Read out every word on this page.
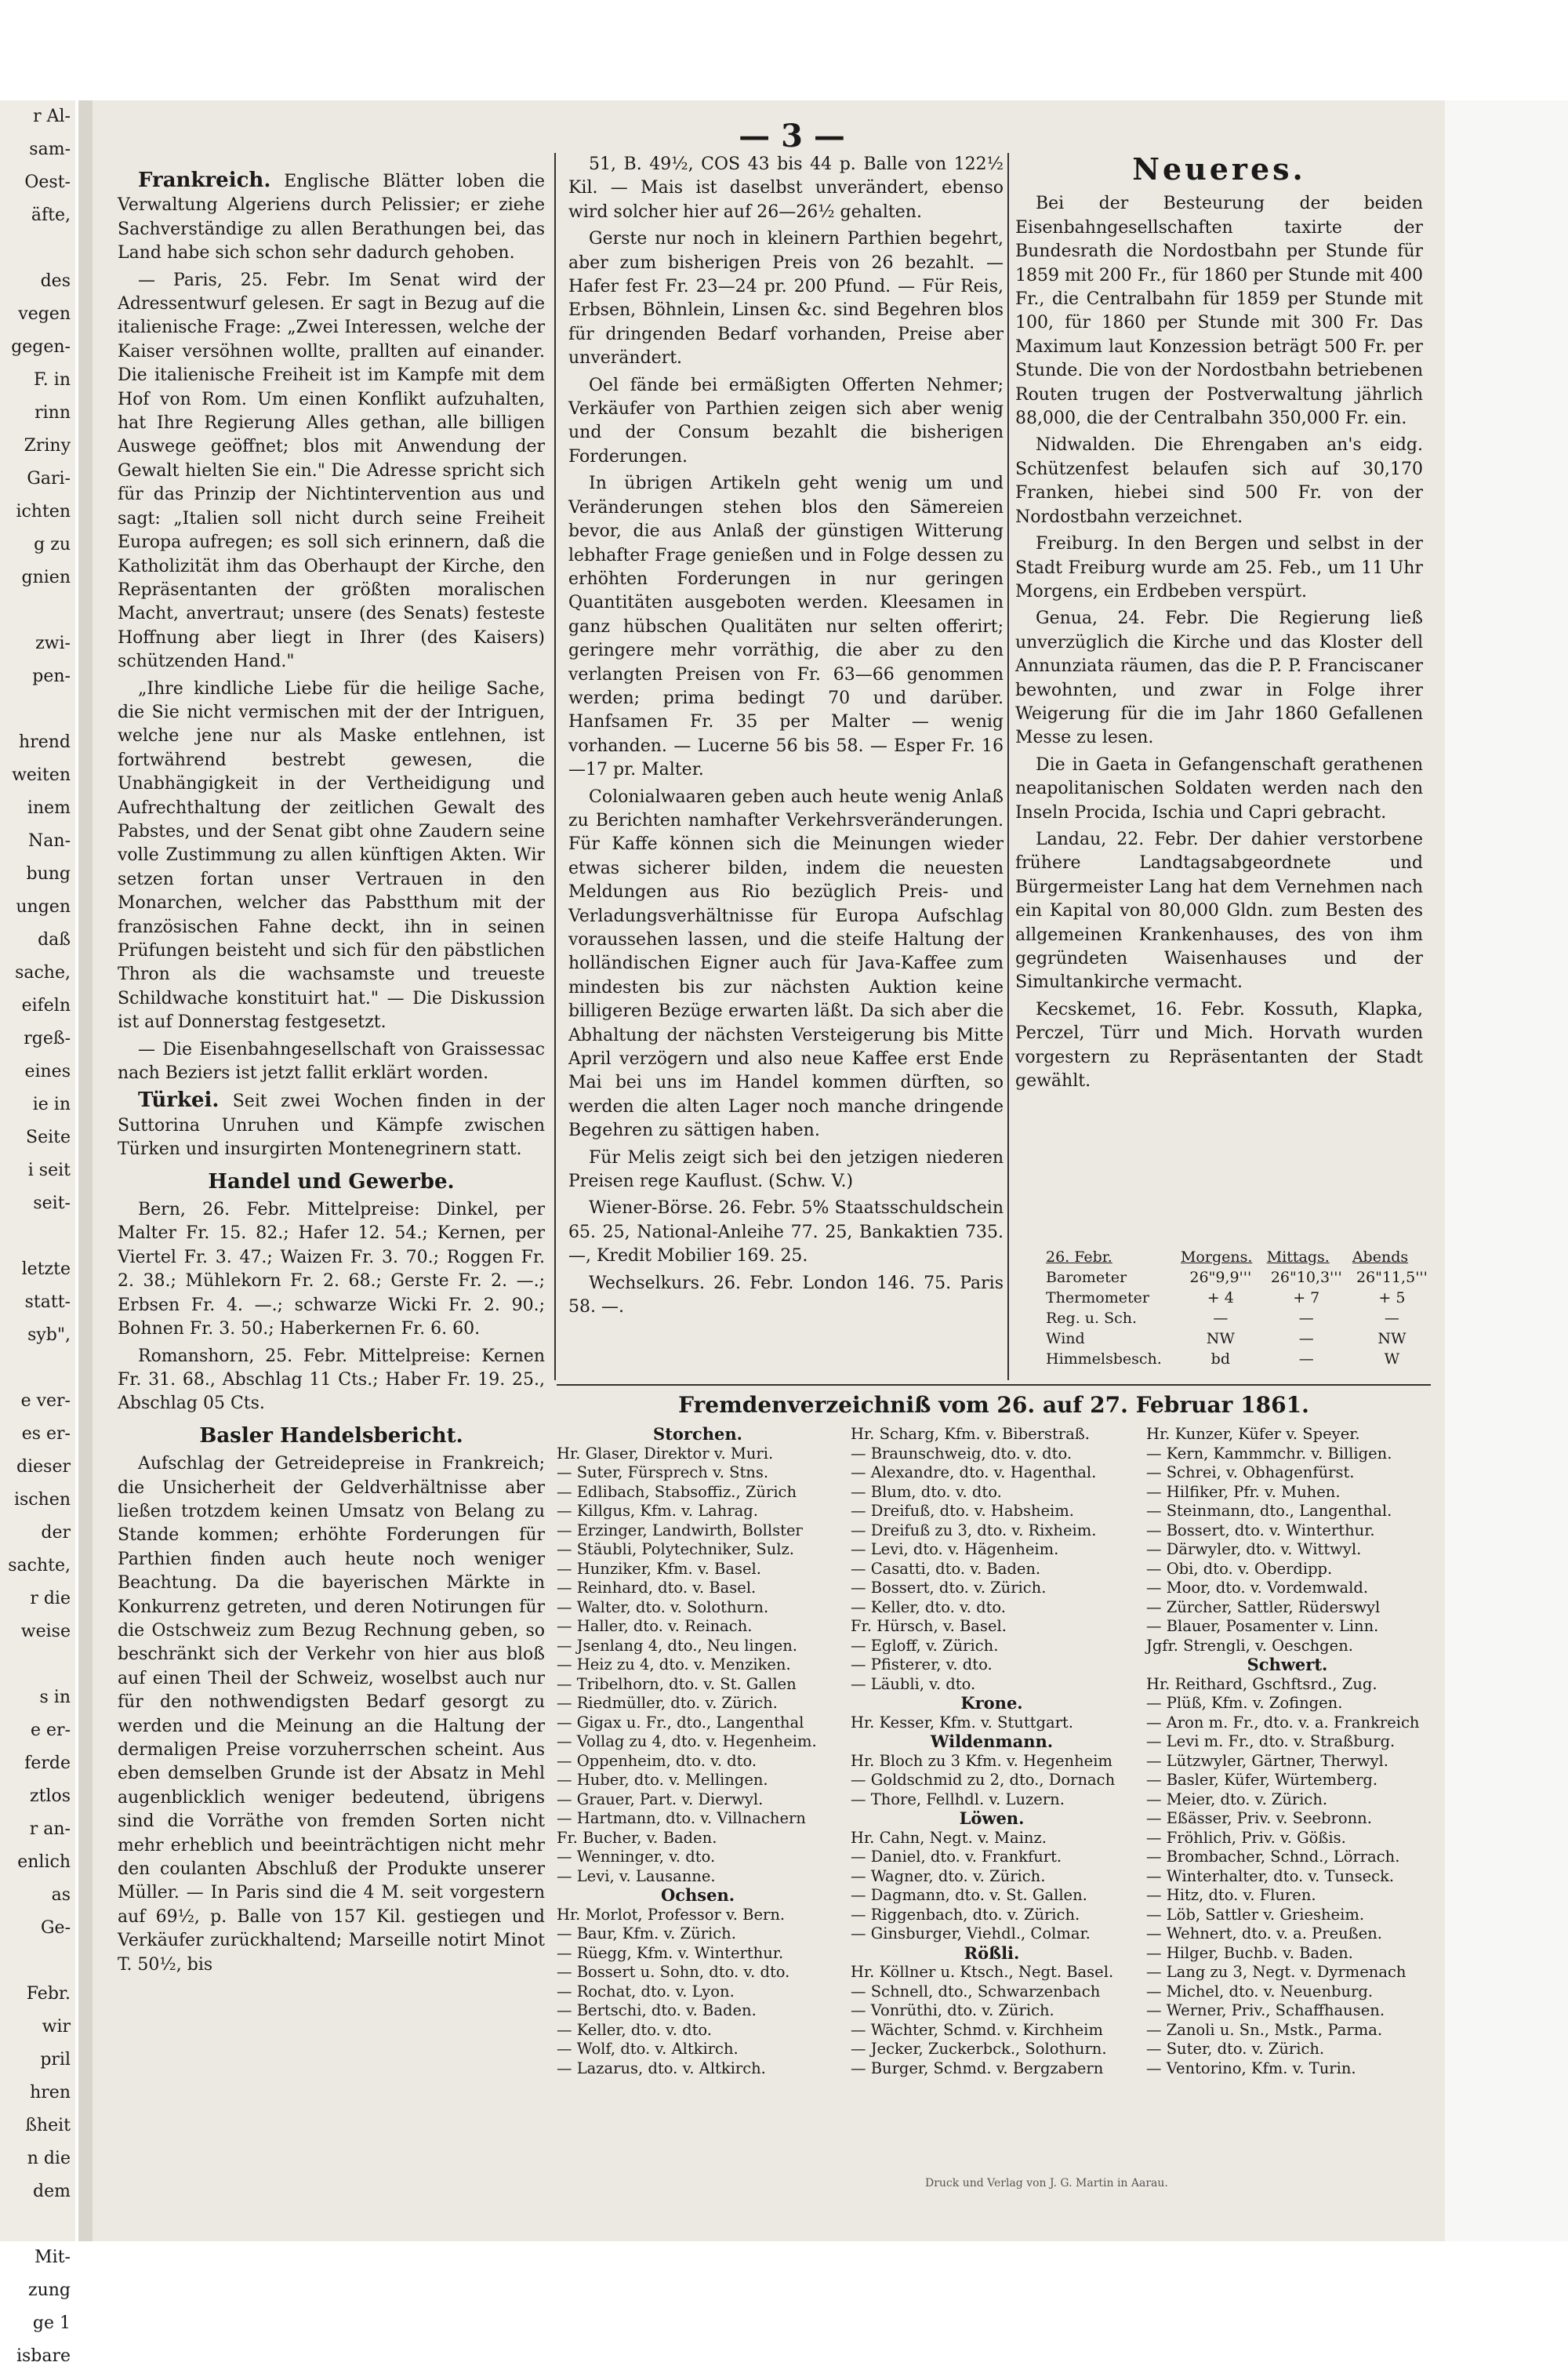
r Al-
sam-
Oest-
äfte,

des
vegen
gegen-
F. in
rinn
Zriny
Gari-
ichten
g zu
gnien

zwi-
pen-

hrend
weiten
inem
Nan-
bung
ungen
daß
sache,
eifeln
rgeß-
eines
ie in
Seite
i seit
seit-

letzte
statt-
syb",

e ver-
es er-
dieser
ischen
der
sachte,
r die
weise

s in
e er-
ferde
ztlos
r an-
enlich
as
Ge-

Febr.
wir
pril
hren
ßheit
n die
dem

Mit-
zung
ge 1
isbare
— 3 —

Frankreich. Englische Blätter loben die Verwaltung Algeriens durch Pelissier; er ziehe Sachverständige zu allen Berathungen bei, das Land habe sich schon sehr dadurch gehoben.

— Paris, 25. Febr. Im Senat wird der Adressentwurf gelesen. Er sagt in Bezug auf die italienische Frage: „Zwei Interessen, welche der Kaiser versöhnen wollte, prallten auf einander. Die italienische Freiheit ist im Kampfe mit dem Hof von Rom. Um einen Konflikt aufzuhalten, hat Ihre Regierung Alles gethan, alle billigen Auswege geöffnet; blos mit Anwendung der Gewalt hielten Sie ein." Die Adresse spricht sich für das Prinzip der Nichtintervention aus und sagt: „Italien soll nicht durch seine Freiheit Europa aufregen; es soll sich erinnern, daß die Katholizität ihm das Oberhaupt der Kirche, den Repräsentanten der größten moralischen Macht, anvertraut; unsere (des Senats) festeste Hoffnung aber liegt in Ihrer (des Kaisers) schützenden Hand."

„Ihre kindliche Liebe für die heilige Sache, die Sie nicht vermischen mit der der Intriguen, welche jene nur als Maske entlehnen, ist fortwährend bestrebt gewesen, die Unabhängigkeit in der Vertheidigung und Aufrechthaltung der zeitlichen Gewalt des Pabstes, und der Senat gibt ohne Zaudern seine volle Zustimmung zu allen künftigen Akten. Wir setzen fortan unser Vertrauen in den Monarchen, welcher das Pabstthum mit der französischen Fahne deckt, ihn in seinen Prüfungen beisteht und sich für den päbstlichen Thron als die wachsamste und treueste Schildwache konstituirt hat." — Die Diskussion ist auf Donnerstag festgesetzt.

— Die Eisenbahngesellschaft von Graissessac nach Beziers ist jetzt fallit erklärt worden.

Türkei. Seit zwei Wochen finden in der Suttorina Unruhen und Kämpfe zwischen Türken und insurgirten Montenegrinern statt.

Handel und Gewerbe.

Bern, 26. Febr. Mittelpreise: Dinkel, per Malter Fr. 15. 82.; Hafer 12. 54.; Kernen, per Viertel Fr. 3. 47.; Waizen Fr. 3. 70.; Roggen Fr. 2. 38.; Mühlekorn Fr. 2. 68.; Gerste Fr. 2. —.; Erbsen Fr. 4. —.; schwarze Wicki Fr. 2. 90.; Bohnen Fr. 3. 50.; Haberkernen Fr. 6. 60.

Romanshorn, 25. Febr. Mittelpreise: Kernen Fr. 31. 68., Abschlag 11 Cts.; Haber Fr. 19. 25., Abschlag 05 Cts.

Basler Handelsbericht.

Aufschlag der Getreidepreise in Frankreich; die Unsicherheit der Geldverhältnisse aber ließen trotzdem keinen Umsatz von Belang zu Stande kommen; erhöhte Forderungen für Parthien finden auch heute noch weniger Beachtung. Da die bayerischen Märkte in Konkurrenz getreten, und deren Notirungen für die Ostschweiz zum Bezug Rechnung geben, so beschränkt sich der Verkehr von hier aus bloß auf einen Theil der Schweiz, woselbst auch nur für den nothwendigsten Bedarf gesorgt zu werden und die Meinung an die Haltung der dermaligen Preise vorzuherrschen scheint. Aus eben demselben Grunde ist der Absatz in Mehl augenblicklich weniger bedeutend, übrigens sind die Vorräthe von fremden Sorten nicht mehr erheblich und beeinträchtigen nicht mehr den coulanten Abschluß der Produkte unserer Müller. — In Paris sind die 4 M. seit vorgestern auf 69½, p. Balle von 157 Kil. gestiegen und Verkäufer zurückhaltend; Marseille notirt Minot T. 50½, bis

51, B. 49½, COS 43 bis 44 p. Balle von 122½ Kil. — Mais ist daselbst unverändert, ebenso wird solcher hier auf 26—26½ gehalten.

Gerste nur noch in kleinern Parthien begehrt, aber zum bisherigen Preis von 26 bezahlt. — Hafer fest Fr. 23—24 pr. 200 Pfund. — Für Reis, Erbsen, Böhnlein, Linsen &c. sind Begehren blos für dringenden Bedarf vorhanden, Preise aber unverändert.

Oel fände bei ermäßigten Offerten Nehmer; Verkäufer von Parthien zeigen sich aber wenig und der Consum bezahlt die bisherigen Forderungen.

In übrigen Artikeln geht wenig um und Veränderungen stehen blos den Sämereien bevor, die aus Anlaß der günstigen Witterung lebhafter Frage genießen und in Folge dessen zu erhöhten Forderungen in nur geringen Quantitäten ausgeboten werden. Kleesamen in ganz hübschen Qualitäten nur selten offerirt; geringere mehr vorräthig, die aber zu den verlangten Preisen von Fr. 63—66 genommen werden; prima bedingt 70 und darüber. Hanfsamen Fr. 35 per Malter — wenig vorhanden. — Lucerne 56 bis 58. — Esper Fr. 16—17 pr. Malter.

Colonialwaaren geben auch heute wenig Anlaß zu Berichten namhafter Verkehrsveränderungen. Für Kaffe können sich die Meinungen wieder etwas sicherer bilden, indem die neuesten Meldungen aus Rio bezüglich Preis- und Verladungsverhältnisse für Europa Aufschlag voraussehen lassen, und die steife Haltung der holländischen Eigner auch für Java-Kaffee zum mindesten bis zur nächsten Auktion keine billigeren Bezüge erwarten läßt. Da sich aber die Abhaltung der nächsten Versteigerung bis Mitte April verzögern und also neue Kaffee erst Ende Mai bei uns im Handel kommen dürften, so werden die alten Lager noch manche dringende Begehren zu sättigen haben.

Für Melis zeigt sich bei den jetzigen niederen Preisen rege Kauflust. (Schw. V.)

Wiener-Börse. 26. Febr. 5% Staatsschuldschein 65. 25, National-Anleihe 77. 25, Bankaktien 735. —, Kredit Mobilier 169. 25.

Wechselkurs. 26. Febr. London 146. 75. Paris 58. —.

Neueres.

Bei der Besteurung der beiden Eisenbahngesellschaften taxirte der Bundesrath die Nordostbahn per Stunde für 1859 mit 200 Fr., für 1860 per Stunde mit 400 Fr., die Centralbahn für 1859 per Stunde mit 100, für 1860 per Stunde mit 300 Fr. Das Maximum laut Konzession beträgt 500 Fr. per Stunde. Die von der Nordostbahn betriebenen Routen trugen der Postverwaltung jährlich 88,000, die der Centralbahn 350,000 Fr. ein.

Nidwalden. Die Ehrengaben an's eidg. Schützenfest belaufen sich auf 30,170 Franken, hiebei sind 500 Fr. von der Nordostbahn verzeichnet.

Freiburg. In den Bergen und selbst in der Stadt Freiburg wurde am 25. Feb., um 11 Uhr Morgens, ein Erdbeben verspürt.

Genua, 24. Febr. Die Regierung ließ unverzüglich die Kirche und das Kloster dell Annunziata räumen, das die P. P. Franciscaner bewohnten, und zwar in Folge ihrer Weigerung für die im Jahr 1860 Gefallenen Messe zu lesen.

Die in Gaeta in Gefangenschaft gerathenen neapolitanischen Soldaten werden nach den Inseln Procida, Ischia und Capri gebracht.

Landau, 22. Febr. Der dahier verstorbene frühere Landtagsabgeordnete und Bürgermeister Lang hat dem Vernehmen nach ein Kapital von 80,000 Gldn. zum Besten des allgemeinen Krankenhauses, des von ihm gegründeten Waisenhauses und der Simultankirche vermacht.

Kecskemet, 16. Febr. Kossuth, Klapka, Perczel, Türr und Mich. Horvath wurden vorgestern zu Repräsentanten der Stadt gewählt.

26. Febr.	Morgens.	Mittags.	Abends
Barometer	26"9,9'''	26"10,3'''	26"11,5'''
Thermometer	+ 4	+ 7	+ 5
Reg. u. Sch.	—	—	—
Wind	NW	—	NW
Himmelsbesch.	bd	—	W
Fremdenverzeichniß vom 26. auf 27. Februar 1861.
Storchen.
Hr. Glaser, Direktor v. Muri.
— Suter, Fürsprech v. Stns.
— Edlibach, Stabsoffiz., Zürich
— Killgus, Kfm. v. Lahrag.
— Erzinger, Landwirth, Bollstег
— Stäubli, Polytechniker, Sulz.
— Hunziker, Kfm. v. Basel.
— Reinhard, dto. v. Basel.
— Walter, dto. v. Solothurn.
— Haller, dto. v. Reinach.
— Jsenlang 4, dto., Neu lingen.
— Heiz zu 4, dto. v. Menziken.
— Tribelhorn, dto. v. St. Gallen
— Riedmüller, dto. v. Zürich.
— Gigax u. Fr., dto., Langenthal
— Vollag zu 4, dto. v. Hegenheim.
— Oppenheim, dto. v. dto.
— Huber, dto. v. Mellingen.
— Grauer, Part. v. Dierwyl.
— Hartmann, dto. v. Villnachern
Fr. Bucher, v. Baden.
— Wenninger, v. dto.
— Levi, v. Lausanne.
Ochsen.
Hr. Morlot, Professor v. Bern.
— Baur, Kfm. v. Zürich.
— Rüegg, Kfm. v. Winterthur.
— Bossert u. Sohn, dto. v. dto.
— Rochat, dto. v. Lyon.
— Bertschi, dto. v. Baden.
— Keller, dto. v. dto.
— Wolf, dto. v. Altkirch.
— Lazarus, dto. v. Altkirch.
Hr. Scharg, Kfm. v. Biberstraß.
— Braunschweig, dto. v. dto.
— Alexandre, dto. v. Hagenthal.
— Blum, dto. v. dto.
— Dreifuß, dto. v. Habsheim.
— Dreifuß zu 3, dto. v. Rixheim.
— Levi, dto. v. Hägenheim.
— Casatti, dto. v. Baden.
— Bossert, dto. v. Zürich.
— Keller, dto. v. dto.
Fr. Hürsch, v. Basel.
— Egloff, v. Zürich.
— Pfisterer, v. dto.
— Läubli, v. dto.
Krone.
Hr. Kesser, Kfm. v. Stuttgart.
Wildenmann.
Hr. Bloch zu 3 Kfm. v. Hegenheim
— Goldschmid zu 2, dto., Dornach
— Thore, Fellhdl. v. Luzern.
Löwen.
Hr. Cahn, Negt. v. Mainz.
— Daniel, dto. v. Frankfurt.
— Wagner, dto. v. Zürich.
— Dagmann, dto. v. St. Gallen.
— Riggenbach, dto. v. Zürich.
— Ginsburger, Viehdl., Colmar.
Rößli.
Hr. Köllner u. Ktsch., Negt. Basel.
— Schnell, dto., Schwarzenbach
— Vonrüthi, dto. v. Zürich.
— Wächter, Schmd. v. Kirchheim
— Jecker, Zuckerbck., Solothurn.
— Burger, Schmd. v. Bergzabern
Hr. Kunzer, Küfer v. Speyer.
— Kern, Kammmchr. v. Billigen.
— Schrei, v. Obhagenfürst.
— Hilfiker, Pfr. v. Muhen.
— Steinmann, dto., Langenthal.
— Bossert, dto. v. Winterthur.
— Därwyler, dto. v. Wittwyl.
— Obi, dto. v. Oberdipp.
— Moor, dto. v. Vordemwald.
— Zürcher, Sattler, Rüderswyl
— Blauer, Posamenter v. Linn.
Jgfr. Strengli, v. Oeschgen.
Schwert.
Hr. Reithard, Gschftsrd., Zug.
— Plüß, Kfm. v. Zofingen.
— Aron m. Fr., dto. v. a. Frankreich
— Levi m. Fr., dto. v. Straßburg.
— Lützwyler, Gärtner, Therwyl.
— Basler, Küfer, Würtemberg.
— Meier, dto. v. Zürich.
— Eßässer, Priv. v. Seebronn.
— Fröhlich, Priv. v. Gößis.
— Brombacher, Schnd., Lörrach.
— Winterhalter, dto. v. Tunseck.
— Hitz, dto. v. Fluren.
— Löb, Sattler v. Griesheim.
— Wehnert, dto. v. a. Preußen.
— Hilger, Buchb. v. Baden.
— Lang zu 3, Negt. v. Dyrmenach
— Michel, dto. v. Neuenburg.
— Werner, Priv., Schaffhausen.
— Zanoli u. Sn., Mstk., Parma.
— Suter, dto. v. Zürich.
— Ventorino, Kfm. v. Turin.
Druck und Verlag von J. G. Martin in Aarau.
